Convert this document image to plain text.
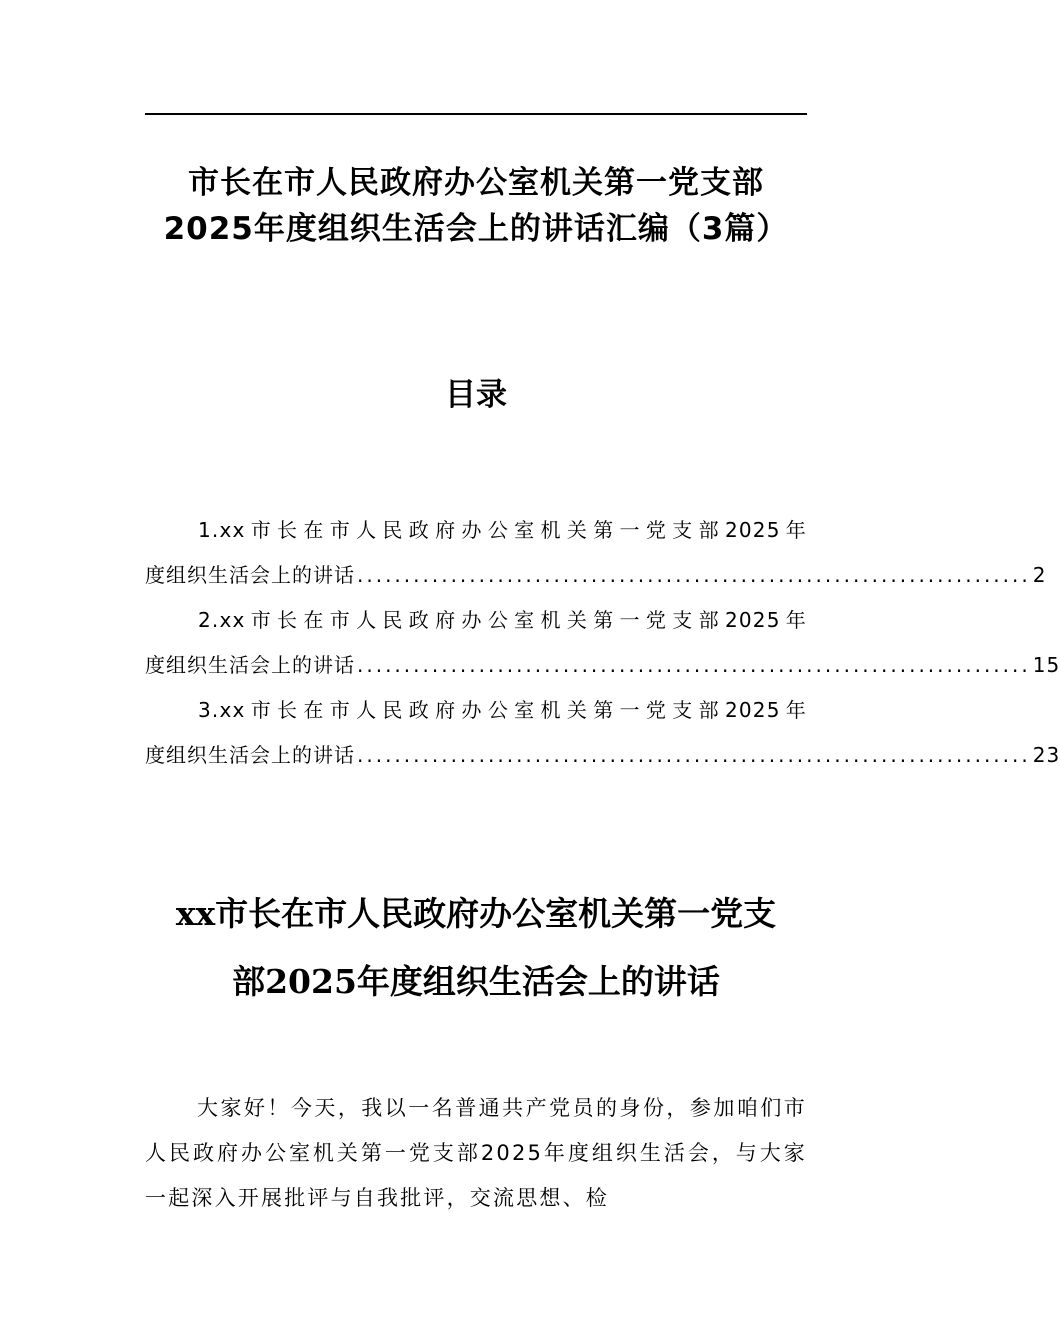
市长在市人民政府办公室机关第一党支部2025年度组织生活会上的讲话汇编（3篇）
目录
1.xx市长在市人民政府办公室机关第一党支部2025年
度组织生活会上的讲话 ........................................................................ 2
2.xx市长在市人民政府办公室机关第一党支部2025年
度组织生活会上的讲话 ........................................................................ 15
3.xx市长在市人民政府办公室机关第一党支部2025年
度组织生活会上的讲话 ........................................................................ 23
xx市长在市人民政府办公室机关第一党支
部2025年度组织生活会上的讲话

大家好！今天，我以一名普通共产党员的身份，参加咱们市人民政府办公室机关第一党支部2025年度组织生活会，与大家一起深入开展批评与自我批评，交流思想、检
